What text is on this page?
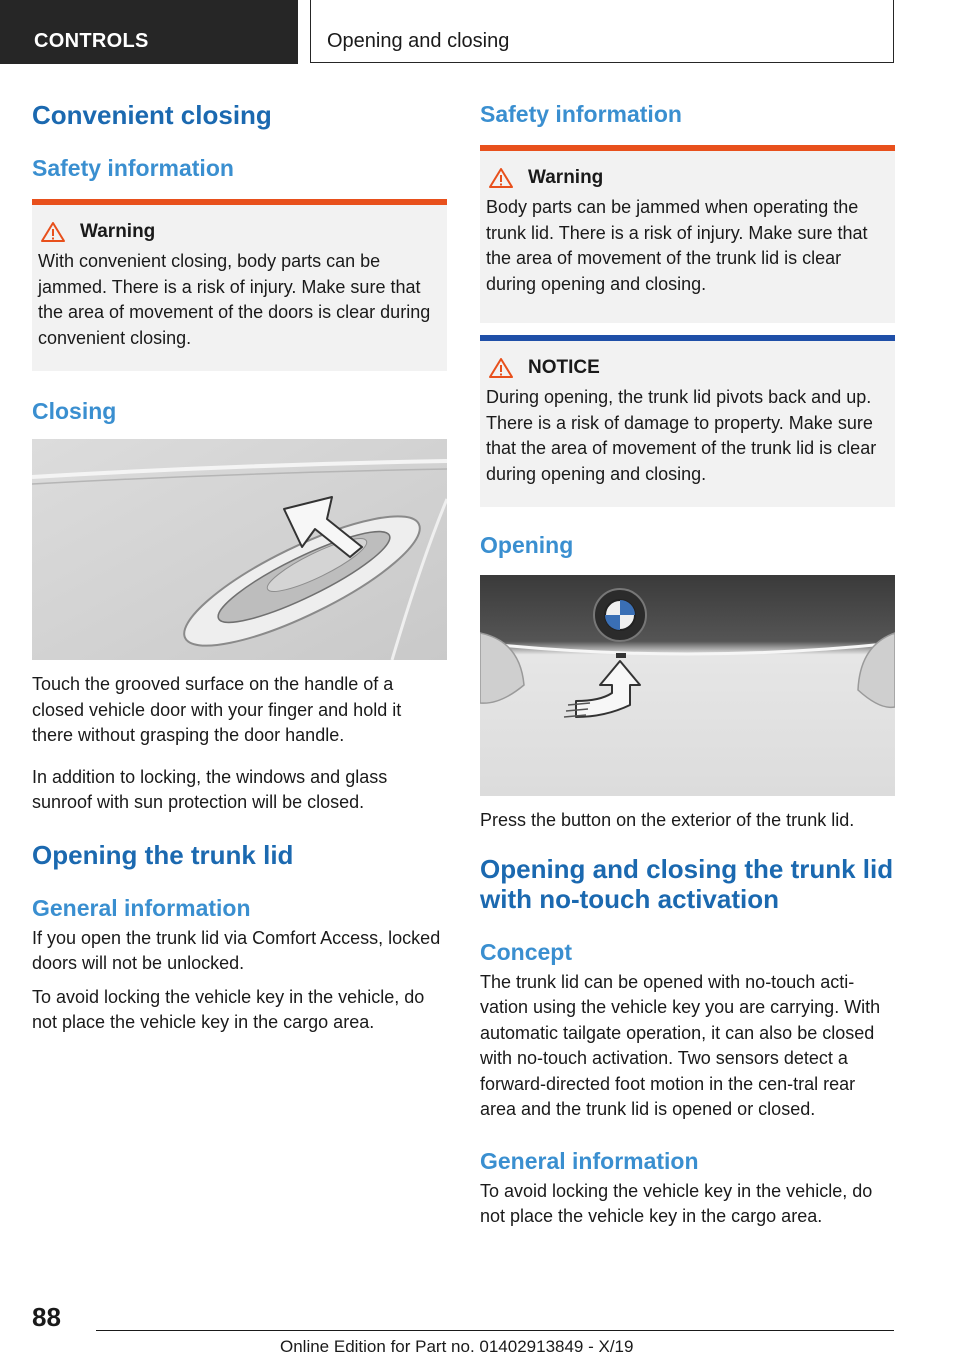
CONTROLS	Opening and closing
Convenient closing
Safety information
Warning

With convenient closing, body parts can be jammed. There is a risk of injury. Make sure that the area of movement of the doors is clear during convenient closing.

Closing

Touch the grooved surface on the handle of a closed vehicle door with your finger and hold it there without grasping the door handle.

In addition to locking, the windows and glass sunroof with sun protection will be closed.

Opening the trunk lid
General information

If you open the trunk lid via Comfort Access, locked doors will not be unlocked.

To avoid locking the vehicle key in the vehicle, do not place the vehicle key in the cargo area.

Safety information
Warning

Body parts can be jammed when operating the trunk lid. There is a risk of injury. Make sure that the area of movement of the trunk lid is clear during opening and closing.

NOTICE

During opening, the trunk lid pivots back and up. There is a risk of damage to property. Make sure that the area of movement of the trunk lid is clear during opening and closing.

Opening

Press the button on the exterior of the trunk lid.

Opening and closing the trunk lid with no-touch activation
Concept

The trunk lid can be opened with no-touch acti-vation using the vehicle key you are carrying. With automatic tailgate operation, it can also be closed with no-touch activation. Two sensors detect a forward-directed foot motion in the cen-tral rear area and the trunk lid is opened or closed.

General information

To avoid locking the vehicle key in the vehicle, do not place the vehicle key in the cargo area.

88
Online Edition for Part no. 01402913849 - X/19
